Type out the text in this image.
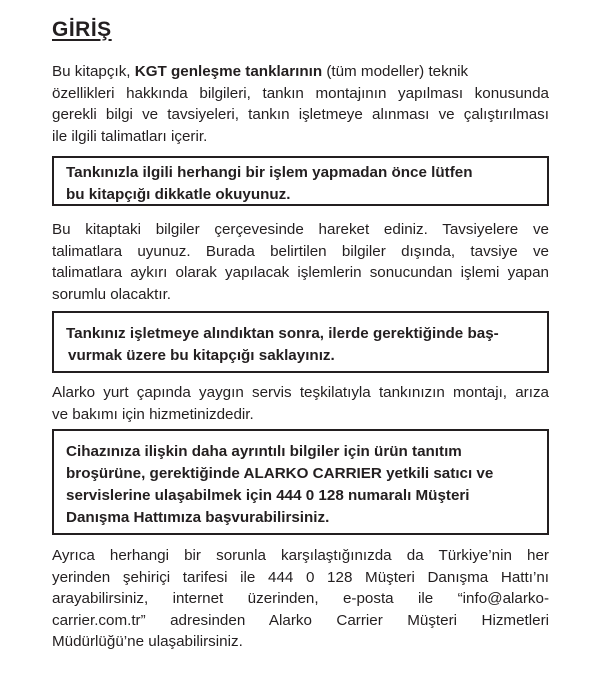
GİRİŞ
Bu kitapçık, KGT genleşme tanklarının (tüm modeller) teknik
özellikleri hakkında bilgileri, tankın montajının yapılması konusunda
gerekli bilgi ve tavsiyeleri, tankın işletmeye alınması ve çalıştırılması
ile ilgili talimatları içerir.

Tankınızla ilgili herhangi bir işlem yapmadan önce lütfen
bu kitapçığı dikkatle okuyunuz.

Bu kitaptaki bilgiler çerçevesinde hareket ediniz. Tavsiyelere ve
talimatlara uyunuz. Burada belirtilen bilgiler dışında, tavsiye ve
talimatlara aykırı olarak yapılacak işlemlerin sonucundan işlemi yapan
sorumlu olacaktır.

Tankınız işletmeye alındıktan sonra, ilerde gerektiğinde baş-
vurmak üzere bu kitapçığı saklayınız.

Alarko yurt çapında yaygın servis teşkilatıyla tankınızın montajı, arıza
ve bakımı için hizmetinizdedir.

Cihazınıza ilişkin daha ayrıntılı bilgiler için ürün tanıtım
broşürüne, gerektiğinde ALARKO CARRIER yetkili satıcı ve
servislerine ulaşabilmek için 444 0 128 numaralı Müşteri
Danışma Hattımıza başvurabilirsiniz.

Ayrıca herhangi bir sorunla karşılaştığınızda da Türkiye’nin her
yerinden şehiriçi tarifesi ile 444 0 128 Müşteri Danışma Hattı’nı
arayabilirsiniz, internet üzerinden, e-posta ile “info@alarko-
carrier.com.tr” adresinden Alarko Carrier Müşteri Hizmetleri
Müdürlüğü’ne ulaşabilirsiniz.
